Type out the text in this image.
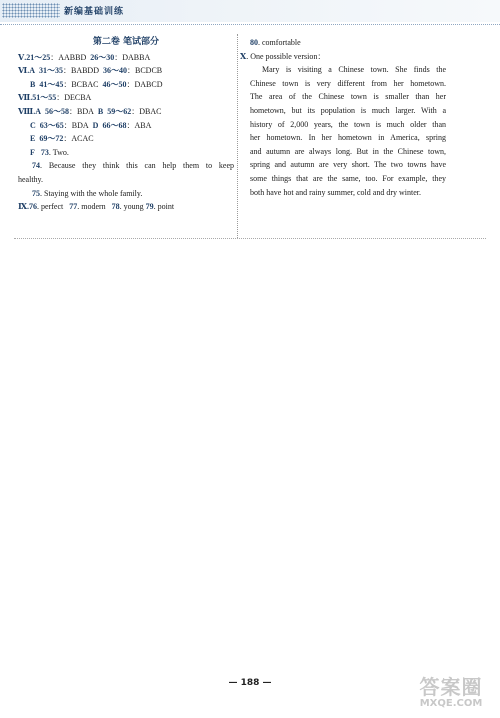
新编基础训练
第二卷 笔试部分
Ⅴ.21～25：AABBD 26～30：DABBA
Ⅵ.A 31～35：BABDD 36～40：BCDCB
B 41～45：BCBAC 46～50：DABCD
Ⅶ.51～55：DECBA
Ⅷ.A 56～58：BDA B 59～62：DBAC
C 63～65：BDA D 66～68：ABA
E 69～72：ACAC
F 73. Two.
74. Because they think this can help them to keep
healthy.
75. Staying with the whole family.
Ⅸ.76. perfect   77. modern   78. young 79. point
80. comfortable
Ⅹ. One possible version：
Mary is visiting a Chinese town. She finds the
Chinese town is very different from her hometown.
The area of the Chinese town is smaller than her
hometown, but its population is much larger. With a
history of 2,000 years, the town is much older than
her hometown. In her hometown in America, spring
and autumn are always long. But in the Chinese town,
spring and autumn are very short. The two towns have
some things that are the same, too. For example, they
both have hot and rainy summer, cold and dry winter.
— 188 —	答案圈
MXQE.COM
